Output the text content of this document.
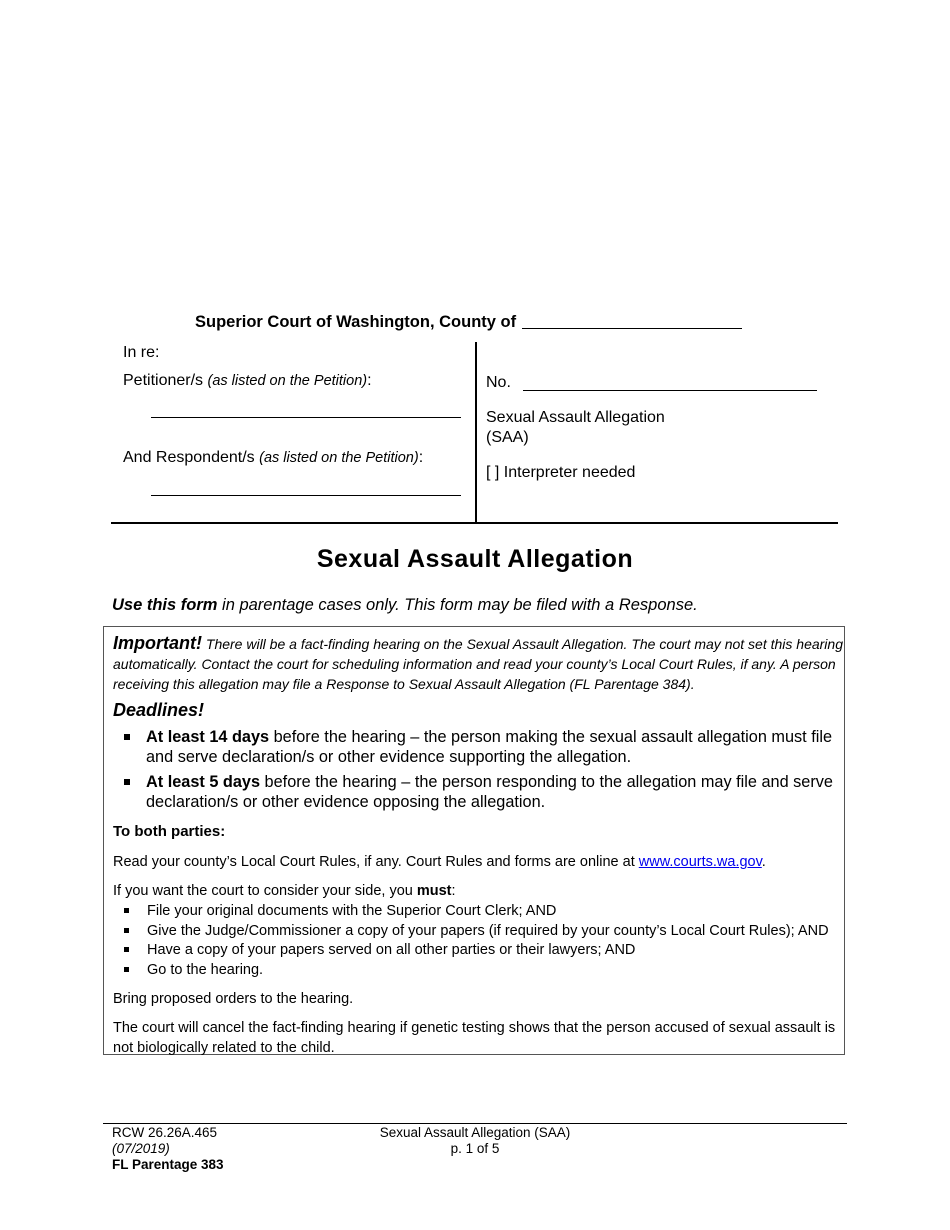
Superior Court of Washington, County of
In re:
Petitioner/s (as listed on the Petition):
And Respondent/s (as listed on the Petition):
No.
Sexual Assault Allegation
(SAA)
[ ] Interpreter needed
Sexual Assault Allegation
Use this form in parentage cases only. This form may be filed with a Response.
Important! There will be a fact-finding hearing on the Sexual Assault Allegation. The court may not set this hearing automatically. Contact the court for scheduling information and read your county’s Local Court Rules, if any. A person receiving this allegation may file a Response to Sexual Assault Allegation (FL Parentage 384).
Deadlines!
At least 14 days before the hearing – the person making the sexual assault allegation must file and serve declaration/s or other evidence supporting the allegation.
At least 5 days before the hearing – the person responding to the allegation may file and serve declaration/s or other evidence opposing the allegation.
To both parties:
Read your county’s Local Court Rules, if any. Court Rules and forms are online at www.courts.wa.gov.
If you want the court to consider your side, you must:
File your original documents with the Superior Court Clerk; AND
Give the Judge/Commissioner a copy of your papers (if required by your county’s Local Court Rules); AND
Have a copy of your papers served on all other parties or their lawyers; AND
Go to the hearing.
Bring proposed orders to the hearing.
The court will cancel the fact-finding hearing if genetic testing shows that the person accused of sexual assault is not biologically related to the child.
RCW 26.26A.465
(07/2019)
FL Parentage 383
Sexual Assault Allegation (SAA)
p. 1 of 5
